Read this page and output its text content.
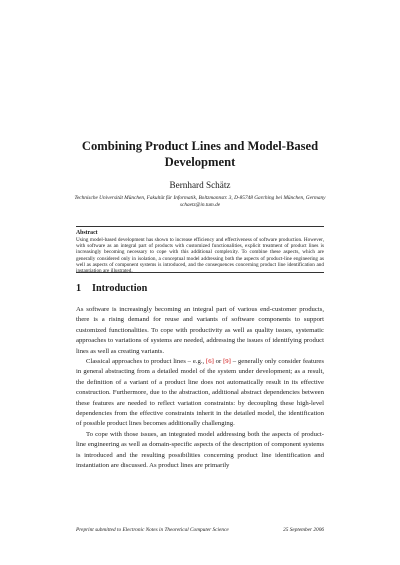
Combining Product Lines and Model-Based Development
Bernhard Schätz
Technische Universität München, Fakultät für Informatik, Boltzmannstr. 3, D-85748 Garching bei München, Germany
schaetz@in.tum.de
Abstract
Using model-based development has shown to increase efficiency and effectiveness of software production. However, with software as an integral part of products with customized functionalities, explicit treatment of product lines is increasingly becoming necessary to cope with this additional complexity. To combine these aspects, which are generally considered only in isolation, a conceptual model addressing both the aspects of product-line engineering as well as aspects of component systems is introduced, and the consequences concerning product line identification and instantiation are illustrated.
1 Introduction

As software is increasingly becoming an integral part of various end-customer products, there is a rising demand for reuse and variants of software components to support customized functionalities. To cope with productivity as well as quality issues, systematic approaches to variations of systems are needed, addressing the issues of identifying product lines as well as creating variants.

Classical approaches to product lines – e.g., [6] or [9] – generally only consider features in general abstracting from a detailed model of the system under development; as a result, the definition of a variant of a product line does not automatically result in its effective construction. Furthermore, due to the abstraction, additional abstract dependencies between these features are needed to reflect variation constraints: by decoupling these high-level dependencies from the effective constraints inherit in the detailed model, the identification of possible product lines becomes additionally challenging.

To cope with those issues, an integrated model addressing both the aspects of product-line engineering as well as domain-specific aspects of the description of component systems is introduced and the resulting possibilities concerning product line identification and instantiation are discussed. As product lines are primarily

Preprint submitted to Electronic Notes in Theoretical Computer Science	25 September 2006
